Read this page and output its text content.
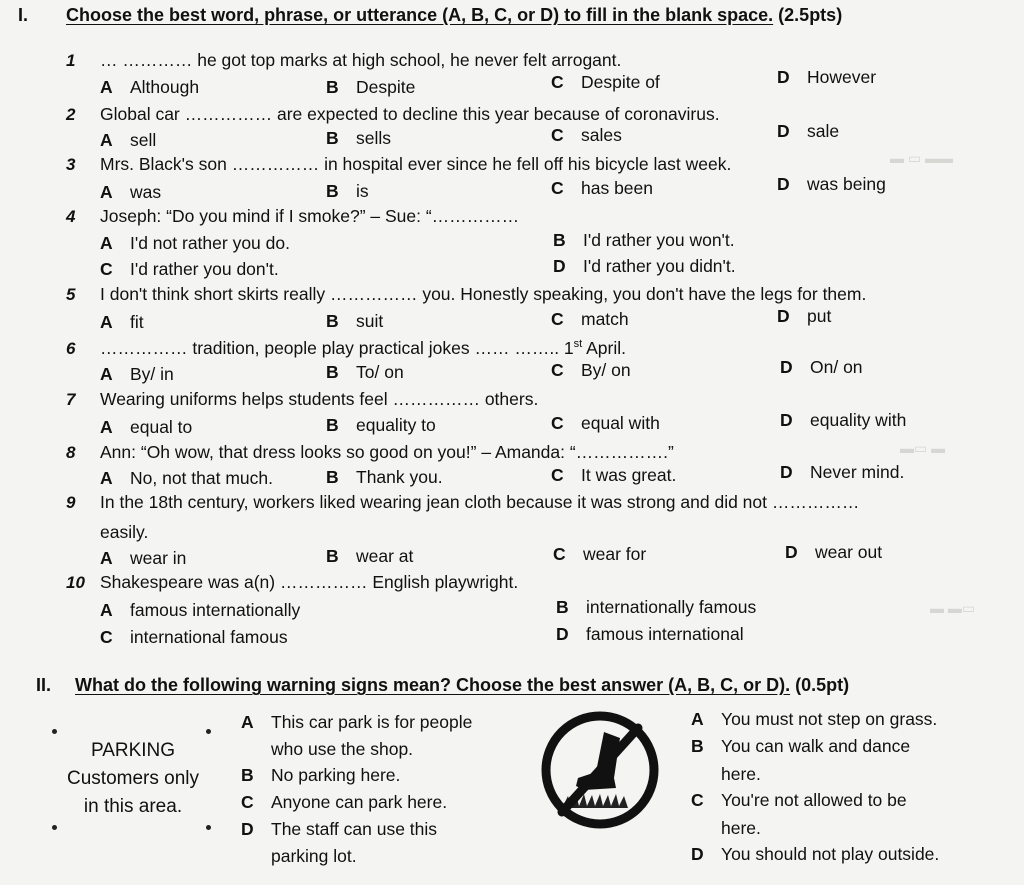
▬ ▭ ▬▬
▬▭ ▬
▬ ▬▭
I. Choose the best word, phrase, or utterance (A, B, C, or D) to fill in the blank space. (2.5pts)
1 … ………… he got top marks at high school, he never felt arrogant.
A Although	B Despite	C Despite of	D However
2 Global car …………… are expected to decline this year because of coronavirus.
A sell	B sells	C sales	D sale
3 Mrs. Black's son …………… in hospital ever since he fell off his bicycle last week.
A was	B is	C has been	D was being
4 Joseph: “Do you mind if I smoke?” – Sue: “……………
A I'd not rather you do.	B I'd rather you won't.
C I'd rather you don't.	D I'd rather you didn't.
5 I don't think short skirts really …………… you. Honestly speaking, you don't have the legs for them.
A fit	B suit	C match	D put
6 …………… tradition, people play practical jokes …… …….. 1st April.
A By/ in	B To/ on	C By/ on	D On/ on
7 Wearing uniforms helps students feel …………… others.
A equal to	B equality to	C equal with	D equality with
8 Ann: “Oh wow, that dress looks so good on you!” – Amanda: “…………….”
A No, not that much.	B Thank you.	C It was great.	D Never mind.
9 In the 18th century, workers liked wearing jean cloth because it was strong and did not ……………
easily.
A wear in	B wear at	C wear for	D wear out
10 Shakespeare was a(n) …………… English playwright.
A famous internationally	B internationally famous
C international famous	D famous international
II. What do the following warning signs mean? Choose the best answer (A, B, C, or D). (0.5pt)
PARKING
Customers only
in this area.
A This car park is for people
who use the shop.
B No parking here.
C Anyone can park here.
D The staff can use this
parking lot.
A You must not step on grass.
B You can walk and dance
here.
C You're not allowed to be
here.
D You should not play outside.
